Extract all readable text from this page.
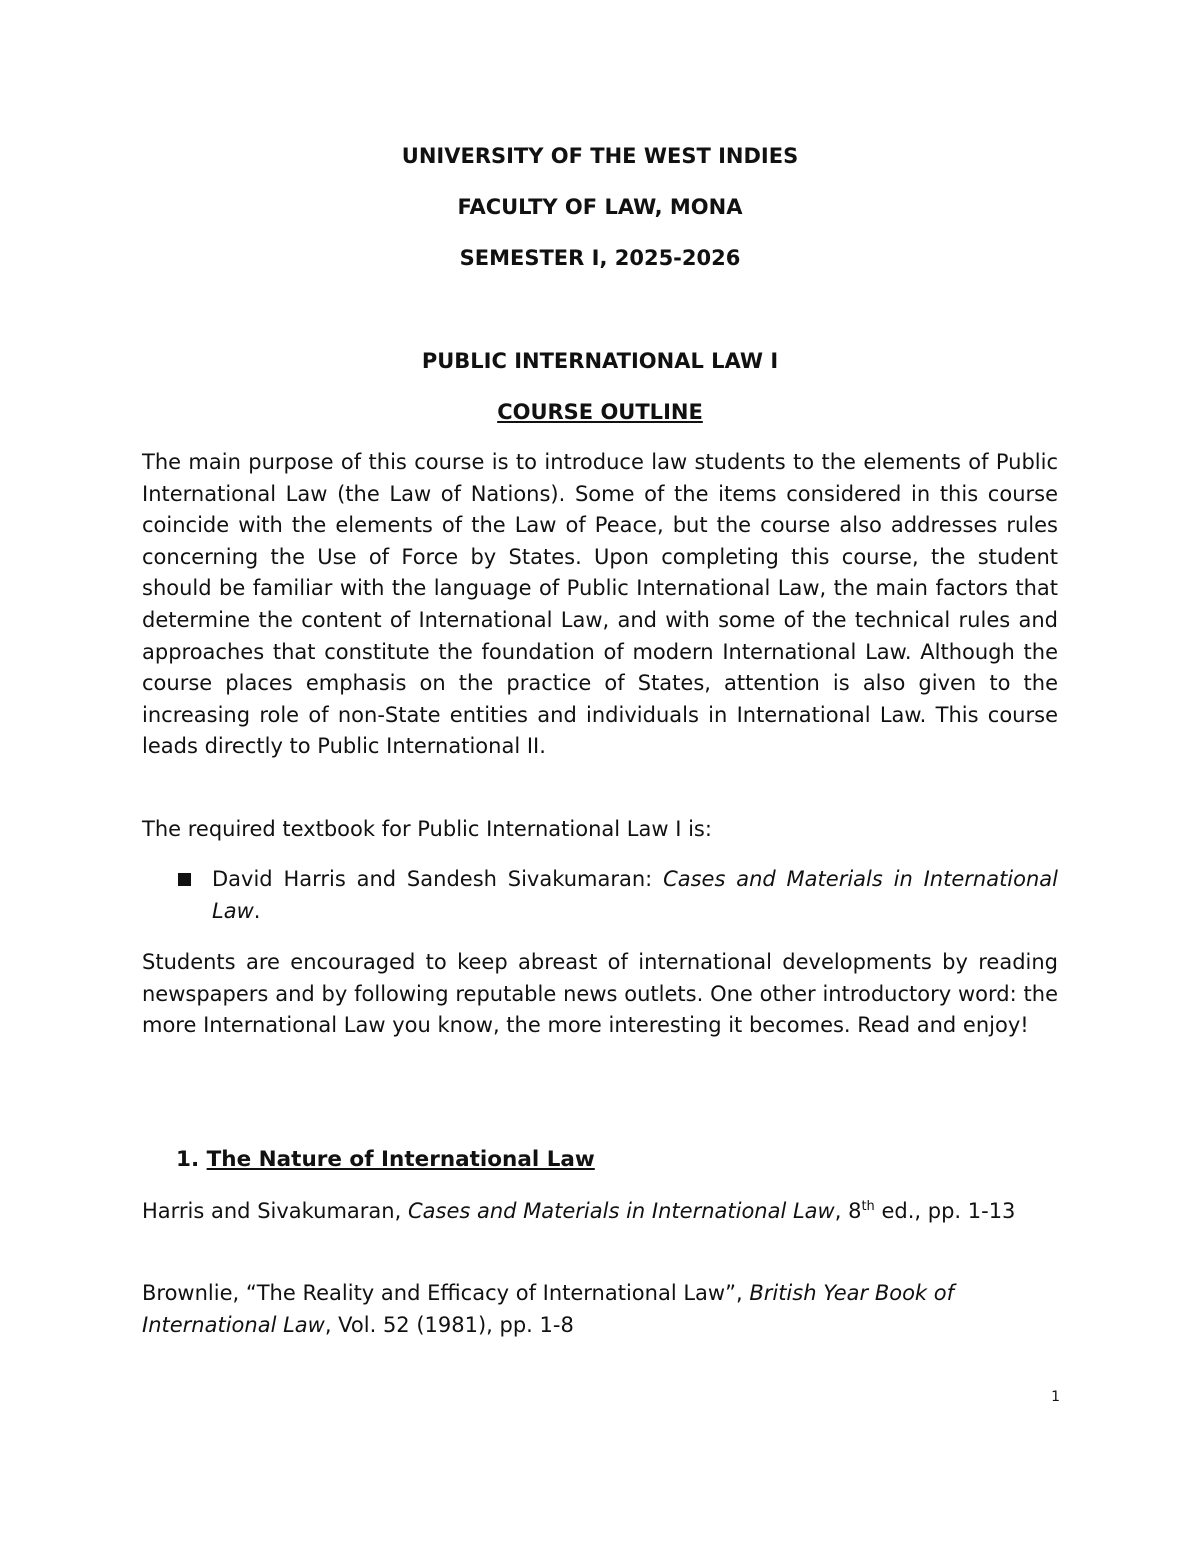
UNIVERSITY OF THE WEST INDIES
FACULTY OF LAW, MONA
SEMESTER I, 2025-2026
PUBLIC INTERNATIONAL LAW I
COURSE OUTLINE
The main purpose of this course is to introduce law students to the elements of Public International Law (the Law of Nations). Some of the items considered in this course coincide with the elements of the Law of Peace, but the course also addresses rules concerning the Use of Force by States. Upon completing this course, the student should be familiar with the language of Public International Law, the main factors that determine the content of International Law, and with some of the technical rules and approaches that constitute the foundation of modern International Law. Although the course places emphasis on the practice of States, attention is also given to the increasing role of non-State entities and individuals in International Law. This course leads directly to Public International II.
The required textbook for Public International Law I is:
David Harris and Sandesh Sivakumaran: Cases and Materials in International Law.
Students are encouraged to keep abreast of international developments by reading newspapers and by following reputable news outlets. One other introductory word: the more International Law you know, the more interesting it becomes. Read and enjoy!
1. The Nature of International Law
Harris and Sivakumaran, Cases and Materials in International Law, 8th ed., pp. 1-13
Brownlie, “The Reality and Efficacy of International Law”, British Year Book of International Law, Vol. 52 (1981), pp. 1-8
1
